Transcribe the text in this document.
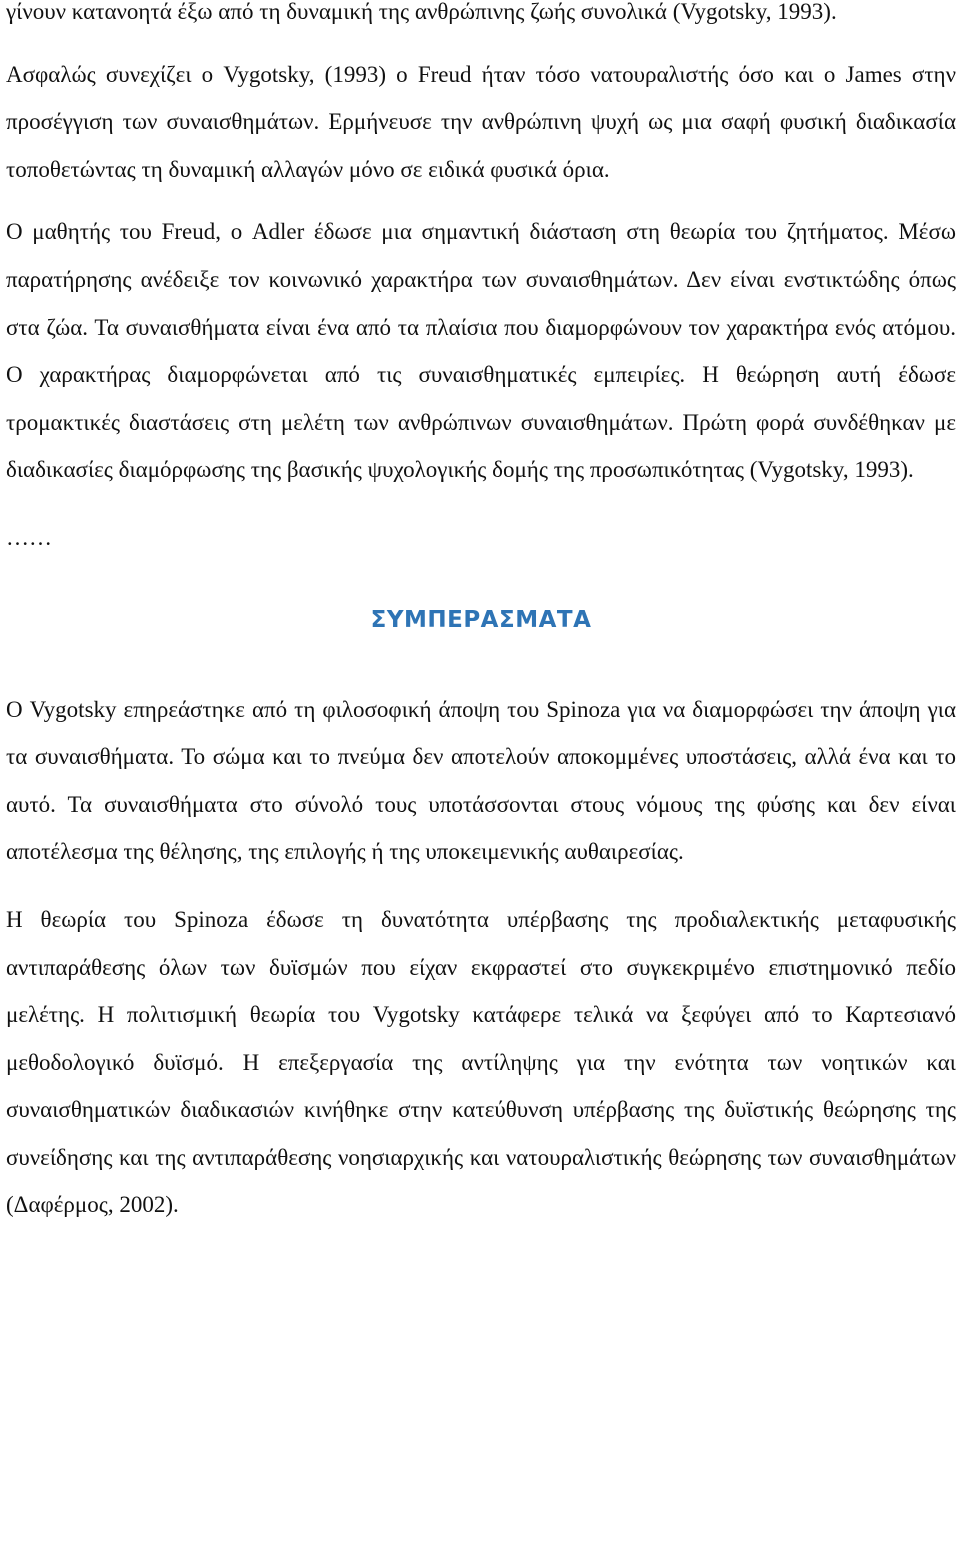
γίνουν κατανοητά έξω από τη δυναμική της ανθρώπινης ζωής συνολικά (Vygotsky, 1993).

Ασφαλώς συνεχίζει ο Vygotsky, (1993) ο Freud ήταν τόσο νατουραλιστής όσο και ο James στην προσέγγιση των συναισθημάτων. Ερμήνευσε την ανθρώπινη ψυχή ως μια σαφή φυσική διαδικασία τοποθετώντας τη δυναμική αλλαγών μόνο σε ειδικά φυσικά όρια.

Ο μαθητής του Freud, ο Adler έδωσε μια σημαντική διάσταση στη θεωρία του ζητήματος. Μέσω παρατήρησης ανέδειξε τον κοινωνικό χαρακτήρα των συναισθημάτων. Δεν είναι ενστικτώδης όπως στα ζώα. Τα συναισθήματα είναι ένα από τα πλαίσια που διαμορφώνουν τον χαρακτήρα ενός ατόμου. Ο χαρακτήρας διαμορφώνεται από τις συναισθηματικές εμπειρίες. Η θεώρηση αυτή έδωσε τρομακτικές διαστάσεις στη μελέτη των ανθρώπινων συναισθημάτων. Πρώτη φορά συνδέθηκαν με διαδικασίες διαμόρφωσης της βασικής ψυχολογικής δομής της προσωπικότητας (Vygotsky, 1993).

……

ΣΥΜΠΕΡΑΣΜΑΤΑ

Ο Vygotsky επηρεάστηκε από τη φιλοσοφική άποψη του Spinoza για να διαμορφώσει την άποψη για τα συναισθήματα. Το σώμα και το πνεύμα δεν αποτελούν αποκομμένες υποστάσεις, αλλά ένα και το αυτό. Τα συναισθήματα στο σύνολό τους υποτάσσονται στους νόμους της φύσης και δεν είναι αποτέλεσμα της θέλησης, της επιλογής ή της υποκειμενικής αυθαιρεσίας.

Η θεωρία του Spinoza έδωσε τη δυνατότητα υπέρβασης της προδιαλεκτικής μεταφυσικής αντιπαράθεσης όλων των δυϊσμών που είχαν εκφραστεί στο συγκεκριμένο επιστημονικό πεδίο μελέτης. Η πολιτισμική θεωρία του Vygotsky κατάφερε τελικά να ξεφύγει από το Καρτεσιανό μεθοδολογικό δυϊσμό. Η επεξεργασία της αντίληψης για την ενότητα των νοητικών και συναισθηματικών διαδικασιών κινήθηκε στην κατεύθυνση υπέρβασης της δυϊστικής θεώρησης της συνείδησης και της αντιπαράθεσης νοησιαρχικής και νατουραλιστικής θεώρησης των συναισθημάτων (Δαφέρμος, 2002).
